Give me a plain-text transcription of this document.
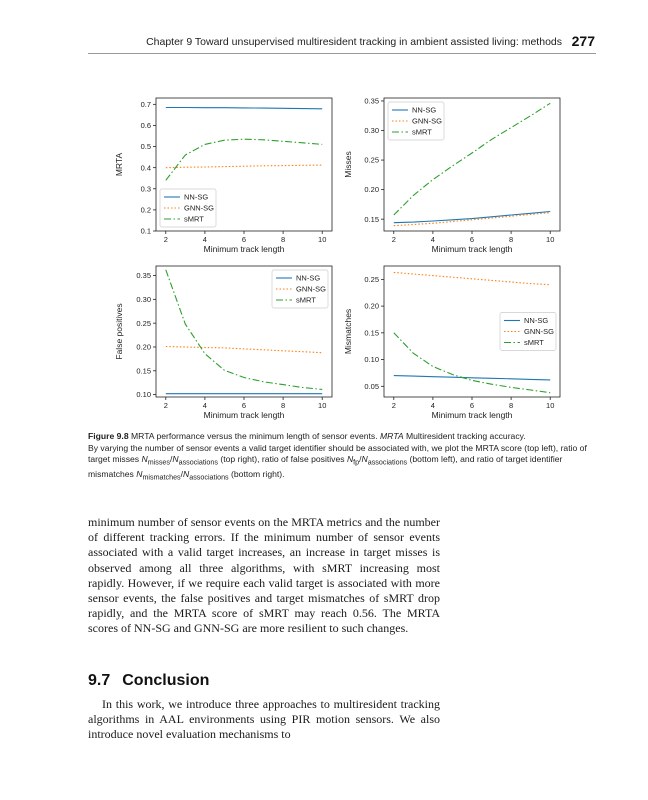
Chapter 9 Toward unsupervised multiresident tracking in ambient assisted living: methods 277
2	4	6	8	10
0.1
0.2
0.3
0.4
0.5
0.6
0.7
Minimum track length
MRTA
NN-SG
GNN-SG
sMRT
2	4	6	8	10
0.15
0.20
0.25
0.30
0.35
Minimum track length
Misses
NN-SG
GNN-SG
sMRT
2	4	6	8	10
0.10
0.15
0.20
0.25
0.30
0.35
Minimum track length
False positives
NN-SG
GNN-SG
sMRT
2	4	6	8	10
0.05
0.10
0.15
0.20
0.25
Minimum track length
Mismatches	NN-SG
GNN-SG
sMRT

Figure 9.8 MRTA performance versus the minimum length of sensor events. MRTA Multiresident tracking accuracy.

By varying the number of sensor events a valid target identifier should be associated with, we plot the MRTA score (top left), ratio of target misses $N_{misses}/N_{associations}$ (top right), ratio of false positives $N_{fp}/N_{associations}$ (bottom left), and ratio of target identifier mismatches $N_{mismatches}/N_{associations}$ (bottom right).

minimum number of sensor events on the MRTA metrics and the number of different tracking errors. If the minimum number of sensor events associated with a valid target increases, an increase in target misses is observed among all three algorithms, with sMRT increasing most rapidly. However, if we require each valid target is associated with more sensor events, the false positives and target mismatches of sMRT drop rapidly, and the MRTA score of sMRT may reach 0.56. The MRTA scores of NN-SG and GNN-SG are more resilient to such changes.
9.7 Conclusion
In this work, we introduce three approaches to multiresident tracking algorithms in AAL environments using PIR motion sensors. We also introduce novel evaluation mechanisms to
